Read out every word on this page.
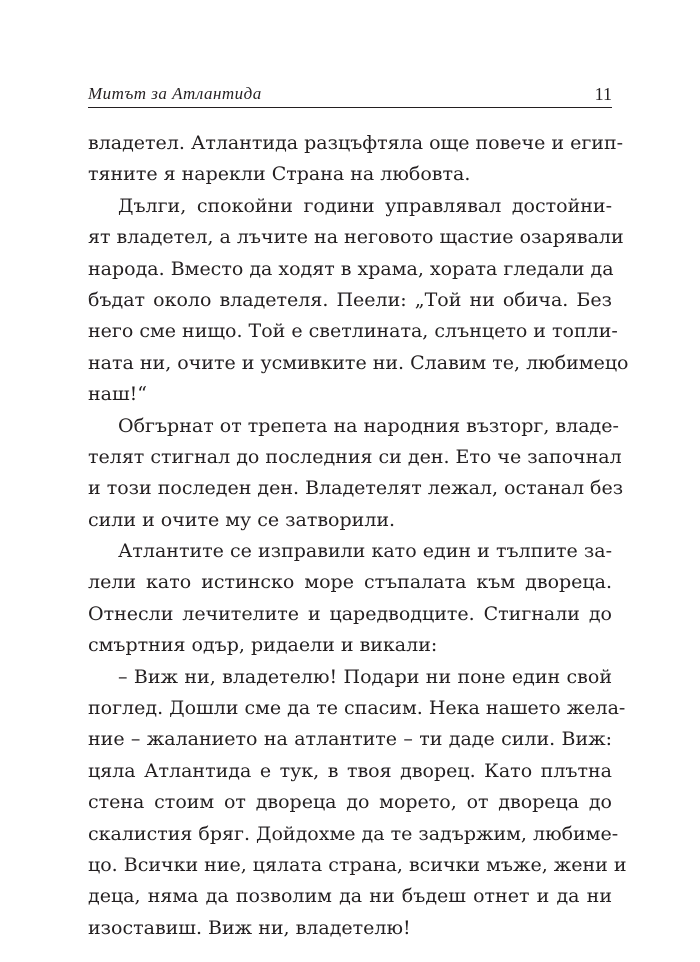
Митът за Атлантида	11
владетел. Атлантида разцъфтяла още повече и егип-
тяните я нарекли Страна на любовта.
Дълги, спокойни години управлявал достойни-
ят владетел, а лъчите на неговото щастие озарявали
народа. Вместо да ходят в храма, хората гледали да
бъдат около владетеля. Пеели: „Той ни обича. Без
него сме нищо. Той е светлината, слънцето и топли-
ната ни, очите и усмивките ни. Славим те, любимецо
наш!“
Обгърнат от трепета на народния възторг, владе-
телят стигнал до последния си ден. Ето че започнал
и този последен ден. Владетелят лежал, останал без
сили и очите му се затворили.
Атлантите се изправили като един и тълпите за-
лели като истинско море стъпалата към двореца.
Отнесли лечителите и царедводците. Стигнали до
смъртния одър, ридаели и викали:
– Виж ни, владетелю! Подари ни поне един свой
поглед. Дошли сме да те спасим. Нека нашето жела-
ние – жаланието на атлантите – ти даде сили. Виж:
цяла Атлантида е тук, в твоя дворец. Като плътна
стена стоим от двореца до морето, от двореца до
скалистия бряг. Дойдохме да те задържим, любиме-
цо. Всички ние, цялата страна, всички мъже, жени и
деца, няма да позволим да ни бъдеш отнет и да ни
изоставиш. Виж ни, владетелю!
